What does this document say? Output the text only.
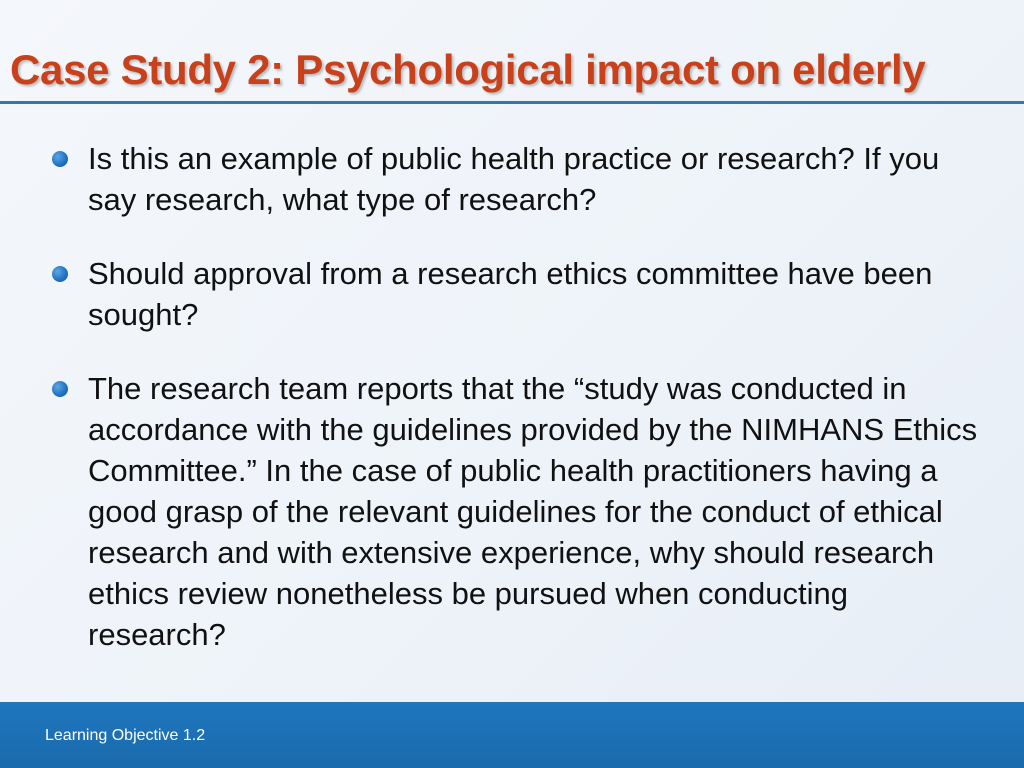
Case Study 2: Psychological impact on elderly
Is this an example of public health practice or research? If you say research, what type of research?
Should approval from a research ethics committee have been sought?
The research team reports that the “study was conducted in accordance with the guidelines provided by the NIMHANS Ethics Committee.” In the case of public health practitioners having a good grasp of the relevant guidelines for the conduct of ethical research and with extensive experience, why should research ethics review nonetheless be pursued when conducting research?
Learning Objective 1.2
